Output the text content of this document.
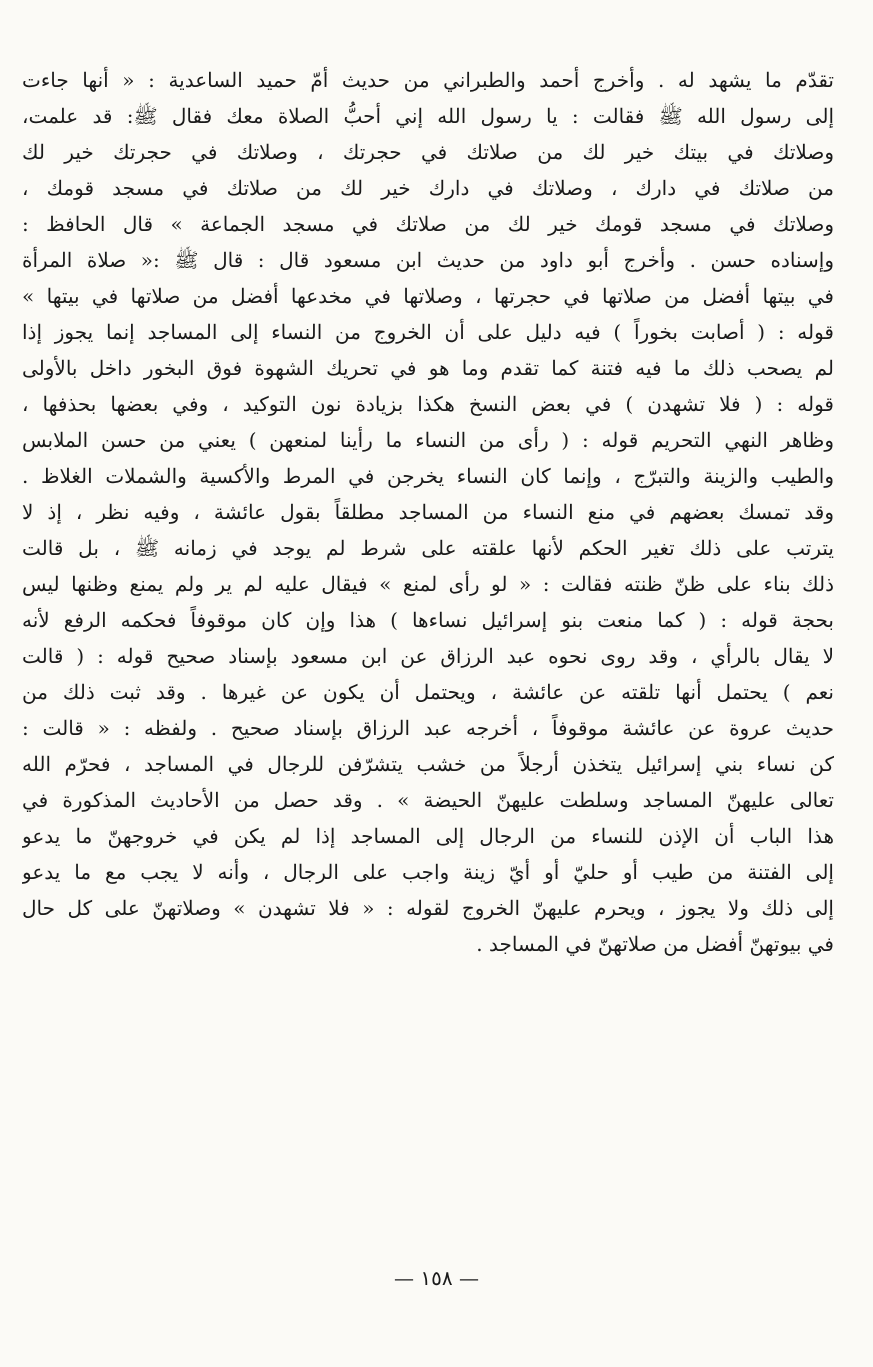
تقدّم ما يشهد له . وأخرج أحمد والطبراني من حديث أمّ حميد الساعدية : « أنها جاءت
إلى رسول الله ﷺ فقالت : يا رسول الله إني أحبُّ الصلاة معك فقال ﷺ: قد علمت،
وصلاتك في بيتك خير لك من صلاتك في حجرتك ، وصلاتك في حجرتك خير لك
من صلاتك في دارك ، وصلاتك في دارك خير لك من صلاتك في مسجد قومك ،
وصلاتك في مسجد قومك خير لك من صلاتك في مسجد الجماعة » قال الحافظ :
وإسناده حسن . وأخرج أبو داود من حديث ابن مسعود قال : قال ﷺ :« صلاة المرأة
في بيتها أفضل من صلاتها في حجرتها ، وصلاتها في مخدعها أفضل من صلاتها في بيتها »
قوله : ( أصابت بخوراً ) فيه دليل على أن الخروج من النساء إلى المساجد إنما يجوز إذا
لم يصحب ذلك ما فيه فتنة كما تقدم وما هو في تحريك الشهوة فوق البخور داخل بالأولى
قوله : ( فلا تشهدن ) في بعض النسخ هكذا بزيادة نون التوكيد ، وفي بعضها بحذفها ،
وظاهر النهي التحريم قوله : ( رأى من النساء ما رأينا لمنعهن ) يعني من حسن الملابس
والطيب والزينة والتبرّج ، وإنما كان النساء يخرجن في المرط والأكسية والشملات الغلاظ .
وقد تمسك بعضهم في منع النساء من المساجد مطلقاً بقول عائشة ، وفيه نظر ، إذ لا
يترتب على ذلك تغير الحكم لأنها علقته على شرط لم يوجد في زمانه ﷺ ، بل قالت
ذلك بناء على ظنّ ظنته فقالت : « لو رأى لمنع » فيقال عليه لم ير ولم يمنع وظنها ليس
بحجة قوله : ( كما منعت بنو إسرائيل نساءها ) هذا وإن كان موقوفاً فحكمه الرفع لأنه
لا يقال بالرأي ، وقد روى نحوه عبد الرزاق عن ابن مسعود بإسناد صحيح قوله : ( قالت
نعم ) يحتمل أنها تلقته عن عائشة ، ويحتمل أن يكون عن غيرها . وقد ثبت ذلك من
حديث عروة عن عائشة موقوفاً ، أخرجه عبد الرزاق بإسناد صحيح . ولفظه : « قالت :
كن نساء بني إسرائيل يتخذن أرجلاً من خشب يتشرّفن للرجال في المساجد ، فحرّم الله
تعالى عليهنّ المساجد وسلطت عليهنّ الحيضة » . وقد حصل من الأحاديث المذكورة في
هذا الباب أن الإذن للنساء من الرجال إلى المساجد إذا لم يكن في خروجهنّ ما يدعو
إلى الفتنة من طيب أو حليّ أو أيّ زينة واجب على الرجال ، وأنه لا يجب مع ما يدعو
إلى ذلك ولا يجوز ، ويحرم عليهنّ الخروج لقوله : « فلا تشهدن » وصلاتهنّ على كل حال
في بيوتهنّ أفضل من صلاتهنّ في المساجد .
— ١٥٨ —
